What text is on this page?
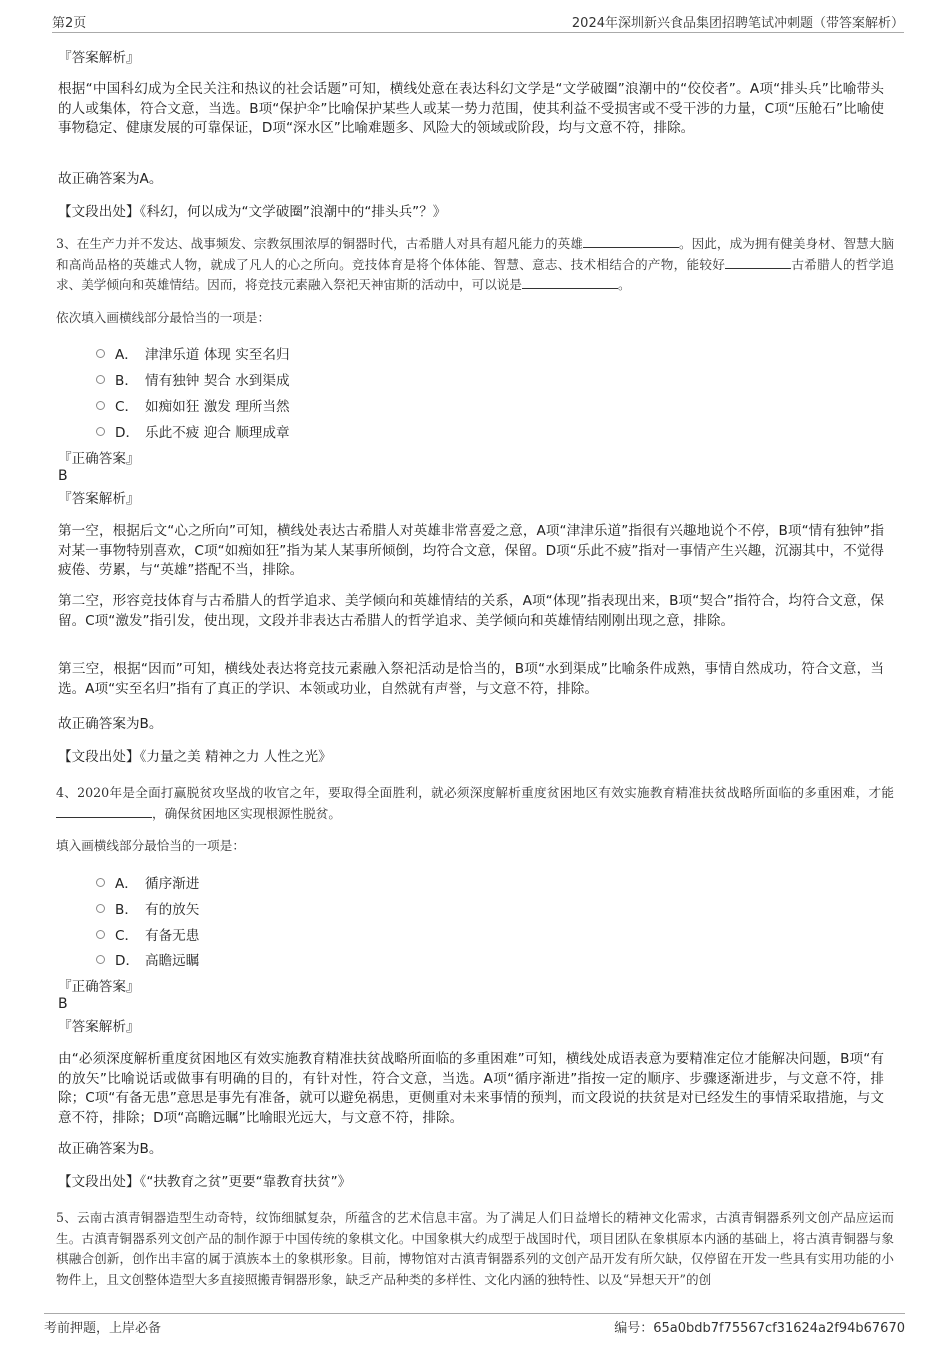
第2页	2024年深圳新兴食品集团招聘笔试冲刺题（带答案解析）
『答案解析』
根据“中国科幻成为全民关注和热议的社会话题”可知，横线处意在表达科幻文学是“文学破圈”浪潮中的“佼佼者”。A项“排头兵”比喻带头的人或集体，符合文意，当选。B项“保护伞”比喻保护某些人或某一势力范围，使其利益不受损害或不受干涉的力量，C项“压舱石”比喻使事物稳定、健康发展的可靠保证，D项“深水区”比喻难题多、风险大的领域或阶段，均与文意不符，排除。
故正确答案为A。
【文段出处】《科幻，何以成为“文学破圈”浪潮中的“排头兵”？》
3、在生产力并不发达、战事频发、宗教氛围浓厚的铜器时代，古希腊人对具有超凡能力的英雄	。因此，成为拥有健美身材、智慧大脑和高尚品格的英雄式人物，就成了凡人的心之所向。竞技体育是将个体体能、智慧、意志、技术相结合的产物，能较好	古希腊人的哲学追求、美学倾向和英雄情结。因而，将竞技元素融入祭祀天神宙斯的活动中，可以说是	。
依次填入画横线部分最恰当的一项是：
A． 津津乐道 体现 实至名归
B． 情有独钟 契合 水到渠成
C． 如痴如狂 激发 理所当然
D． 乐此不疲 迎合 顺理成章
『正确答案』
B
『答案解析』
第一空，根据后文“心之所向”可知，横线处表达古希腊人对英雄非常喜爱之意，A项“津津乐道”指很有兴趣地说个不停，B项“情有独钟”指对某一事物特别喜欢，C项“如痴如狂”指为某人某事所倾倒，均符合文意，保留。D项“乐此不疲”指对一事情产生兴趣，沉溺其中，不觉得疲倦、劳累，与“英雄”搭配不当，排除。
第二空，形容竞技体育与古希腊人的哲学追求、美学倾向和英雄情结的关系，A项“体现”指表现出来，B项“契合”指符合，均符合文意，保留。C项“激发”指引发，使出现，文段并非表达古希腊人的哲学追求、美学倾向和英雄情结刚刚出现之意，排除。
第三空，根据“因而”可知，横线处表达将竞技元素融入祭祀活动是恰当的，B项“水到渠成”比喻条件成熟，事情自然成功，符合文意，当选。A项“实至名归”指有了真正的学识、本领或功业，自然就有声誉，与文意不符，排除。
故正确答案为B。
【文段出处】《力量之美 精神之力 人性之光》
4、2020年是全面打赢脱贫攻坚战的收官之年，要取得全面胜利，就必须深度解析重度贫困地区有效实施教育精准扶贫战略所面临的多重困难，才能，确保贫困地区实现根源性脱贫。
填入画横线部分最恰当的一项是：
A． 循序渐进
B． 有的放矢
C． 有备无患
D． 高瞻远瞩
『正确答案』
B
『答案解析』
由“必须深度解析重度贫困地区有效实施教育精准扶贫战略所面临的多重困难”可知，横线处成语表意为要精准定位才能解决问题，B项“有的放矢”比喻说话或做事有明确的目的，有针对性，符合文意，当选。A项“循序渐进”指按一定的顺序、步骤逐渐进步，与文意不符，排除；C项“有备无患”意思是事先有准备，就可以避免祸患，更侧重对未来事情的预判，而文段说的扶贫是对已经发生的事情采取措施，与文意不符，排除；D项“高瞻远瞩”比喻眼光远大，与文意不符，排除。
故正确答案为B。
【文段出处】《“扶教育之贫”更要“靠教育扶贫”》
5、云南古滇青铜器造型生动奇特，纹饰细腻复杂，所蕴含的艺术信息丰富。为了满足人们日益增长的精神文化需求，古滇青铜器系列文创产品应运而生。古滇青铜器系列文创产品的制作源于中国传统的象棋文化。中国象棋大约成型于战国时代，项目团队在象棋原本内涵的基础上，将古滇青铜器与象棋融合创新，创作出丰富的属于滇族本土的象棋形象。目前，博物馆对古滇青铜器系列的文创产品开发有所欠缺，仅停留在开发一些具有实用功能的小物件上，且文创整体造型大多直接照搬青铜器形象，缺乏产品种类的多样性、文化内涵的独特性、以及“异想天开”的创
考前押题，上岸必备	编号：65a0bdb7f75567cf31624a2f94b67670
